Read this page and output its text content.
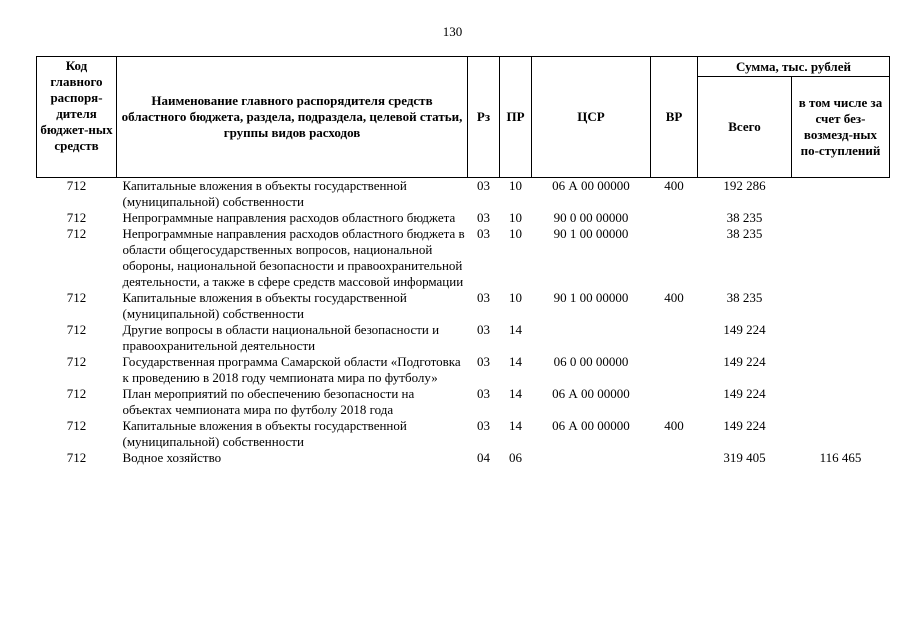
130
Код главного распоря-дителя бюджет-ных средств	Наименование главного распорядителя средств областного бюджета, раздела, подраздела, целевой статьи, группы видов расходов	Рз	ПР	ЦСР	ВР	Сумма, тыс. рублей	
						Всего	в том числе за счет без-возмезд-ных по-ступлений
712	Капитальные вложения в объекты государственной (муниципальной) собственности	03	10	06 А 00 00000	400	192 286	
712	Непрограммные направления расходов областного бюджета	03	10	90 0 00 00000		38 235	
712	Непрограммные направления расходов областного бюджета в области общегосударственных вопросов, национальной обороны, национальной безопасности и правоохранительной деятельности, а также в сфере средств массовой информации	03	10	90 1 00 00000		38 235	
712	Капитальные вложения в объекты государственной (муниципальной) собственности	03	10	90 1 00 00000	400	38 235	
712	Другие вопросы в области национальной безопасности и правоохранительной деятельности	03	14			149 224	
712	Государственная программа Самарской области «Подготовка к проведению в 2018 году чемпионата мира по футболу»	03	14	06 0 00 00000		149 224	
712	План мероприятий по обеспечению безопасности на объектах чемпионата мира по футболу 2018 года	03	14	06 А 00 00000		149 224	
712	Капитальные вложения в объекты государственной (муниципальной) собственности	03	14	06 А 00 00000	400	149 224	
712	Водное хозяйство	04	06			319 405	116 465
